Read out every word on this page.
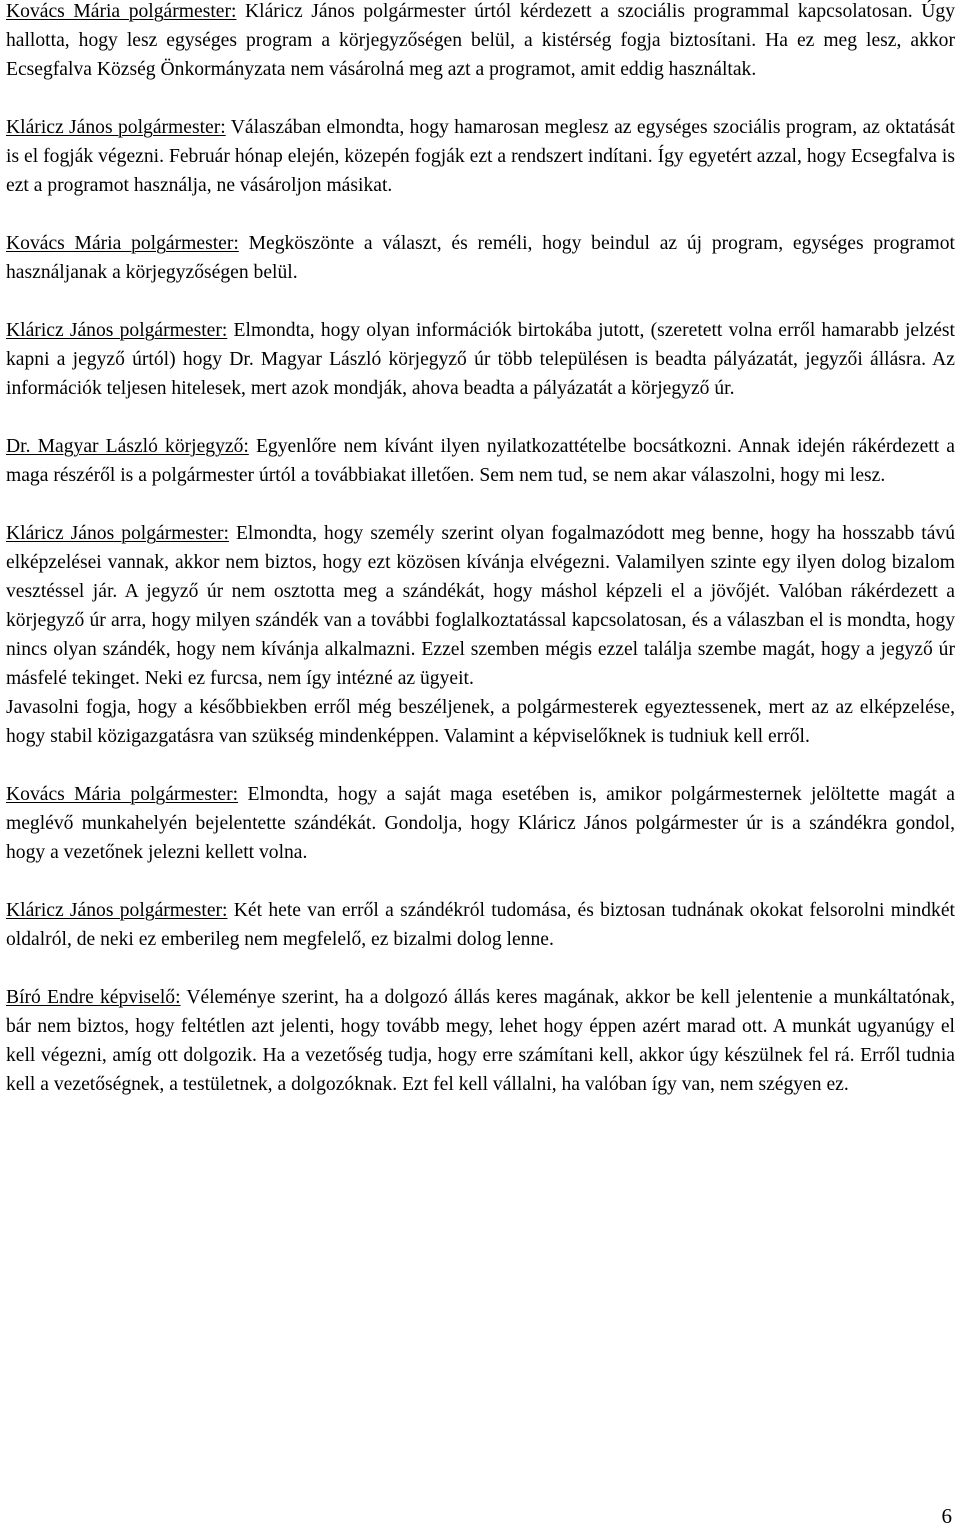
Kovács Mária polgármester: Kláricz János polgármester úrtól kérdezett a szociális programmal kapcsolatosan. Úgy hallotta, hogy lesz egységes program a körjegyzőségen belül, a kistérség fogja biztosítani. Ha ez meg lesz, akkor Ecsegfalva Község Önkormányzata nem vásárolná meg azt a programot, amit eddig használtak.

Kláricz János polgármester: Válaszában elmondta, hogy hamarosan meglesz az egységes szociális program, az oktatását is el fogják végezni. Február hónap elején, közepén fogják ezt a rendszert indítani. Így egyetért azzal, hogy Ecsegfalva is ezt a programot használja, ne vásároljon másikat.

Kovács Mária polgármester: Megköszönte a választ, és reméli, hogy beindul az új program, egységes programot használjanak a körjegyzőségen belül.

Kláricz János polgármester: Elmondta, hogy olyan információk birtokába jutott, (szeretett volna erről hamarabb jelzést kapni a jegyző úrtól) hogy Dr. Magyar László körjegyző úr több településen is beadta pályázatát, jegyzői állásra. Az információk teljesen hitelesek, mert azok mondják, ahova beadta a pályázatát a körjegyző úr.

Dr. Magyar László körjegyző: Egyenlőre nem kívánt ilyen nyilatkozattételbe bocsátkozni. Annak idején rákérdezett a maga részéről is a polgármester úrtól a továbbiakat illetően. Sem nem tud, se nem akar válaszolni, hogy mi lesz.

Kláricz János polgármester: Elmondta, hogy személy szerint olyan fogalmazódott meg benne, hogy ha hosszabb távú elképzelései vannak, akkor nem biztos, hogy ezt közösen kívánja elvégezni. Valamilyen szinte egy ilyen dolog bizalom vesztéssel jár. A jegyző úr nem osztotta meg a szándékát, hogy máshol képzeli el a jövőjét. Valóban rákérdezett a körjegyző úr arra, hogy milyen szándék van a további foglalkoztatással kapcsolatosan, és a válaszban el is mondta, hogy nincs olyan szándék, hogy nem kívánja alkalmazni. Ezzel szemben mégis ezzel találja szembe magát, hogy a jegyző úr másfelé tekinget. Neki ez furcsa, nem így intézné az ügyeit.

Javasolni fogja, hogy a későbbiekben erről még beszéljenek, a polgármesterek egyeztessenek, mert az az elképzelése, hogy stabil közigazgatásra van szükség mindenképpen. Valamint a képviselőknek is tudniuk kell erről.

Kovács Mária polgármester: Elmondta, hogy a saját maga esetében is, amikor polgármesternek jelöltette magát a meglévő munkahelyén bejelentette szándékát. Gondolja, hogy Kláricz János polgármester úr is a szándékra gondol, hogy a vezetőnek jelezni kellett volna.

Kláricz János polgármester: Két hete van erről a szándékról tudomása, és biztosan tudnának okokat felsorolni mindkét oldalról, de neki ez emberileg nem megfelelő, ez bizalmi dolog lenne.

Bíró Endre képviselő: Véleménye szerint, ha a dolgozó állás keres magának, akkor be kell jelentenie a munkáltatónak, bár nem biztos, hogy feltétlen azt jelenti, hogy tovább megy, lehet hogy éppen azért marad ott. A munkát ugyanúgy el kell végezni, amíg ott dolgozik. Ha a vezetőség tudja, hogy erre számítani kell, akkor úgy készülnek fel rá. Erről tudnia kell a vezetőségnek, a testületnek, a dolgozóknak. Ezt fel kell vállalni, ha valóban így van, nem szégyen ez.

6
